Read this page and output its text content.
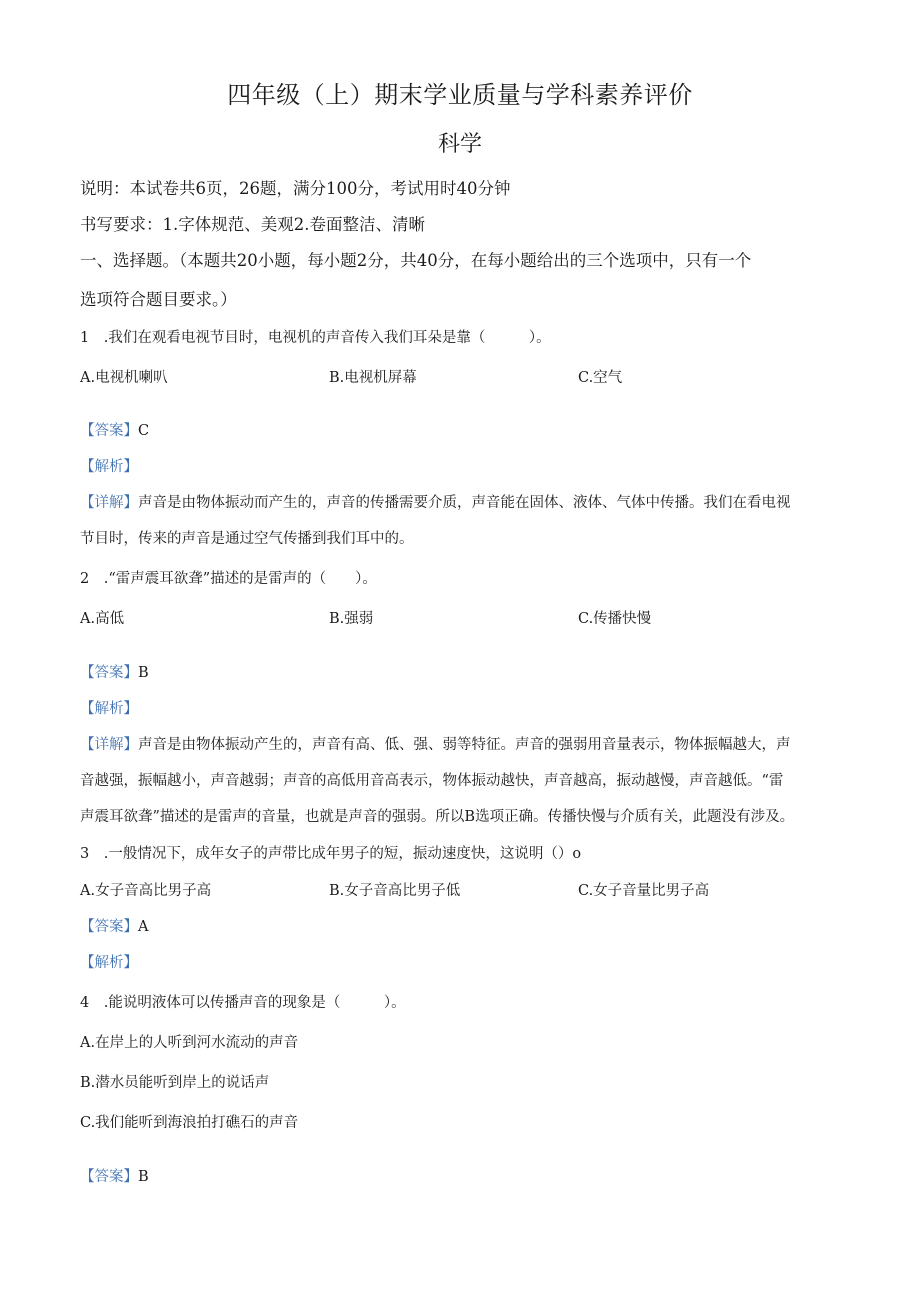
四年级（上）期末学业质量与学科素养评价
科学
说明：本试卷共6页，26题，满分100分，考试用时40分钟
书写要求：1.字体规范、美观2.卷面整洁、清晰
一、选择题。（本题共20小题，每小题2分，共40分，在每小题给出的三个选项中，只有一个
选项符合题目要求。）
1　.我们在观看电视节目时，电视机的声音传入我们耳朵是靠（　　　）。
A.电视机喇叭	B.电视机屏幕	C.空气
【答案】C
【解析】
【详解】声音是由物体振动而产生的，声音的传播需要介质，声音能在固体、液体、气体中传播。我们在看电视
节目时，传来的声音是通过空气传播到我们耳中的。
2　.“雷声震耳欲聋”描述的是雷声的（　　）。
A.高低	B.强弱	C.传播快慢
【答案】B
【解析】
【详解】声音是由物体振动产生的，声音有高、低、强、弱等特征。声音的强弱用音量表示，物体振幅越大，声
音越强，振幅越小，声音越弱；声音的高低用音高表示，物体振动越快，声音越高，振动越慢，声音越低。“雷
声震耳欲聋”描述的是雷声的音量，也就是声音的强弱。所以B选项正确。传播快慢与介质有关，此题没有涉及。
3　.一般情况下，成年女子的声带比成年男子的短，振动速度快，这说明（）o
A.女子音高比男子高	B.女子音高比男子低	C.女子音量比男子高
【答案】A
【解析】
4　.能说明液体可以传播声音的现象是（　　　）。
A.在岸上的人听到河水流动的声音
B.潜水员能听到岸上的说话声
C.我们能听到海浪拍打礁石的声音
【答案】B
